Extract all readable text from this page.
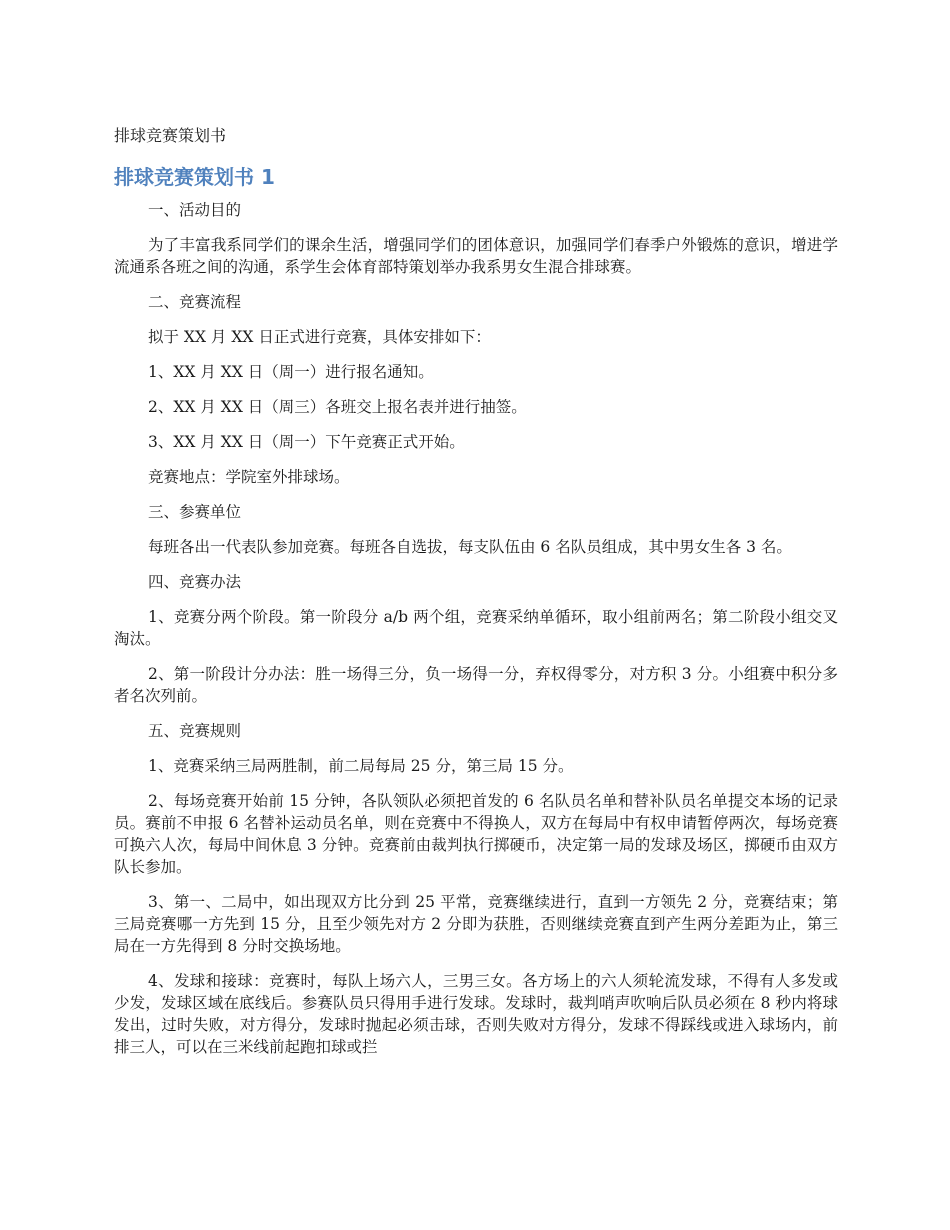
排球竞赛策划书
排球竞赛策划书 1

一、活动目的

为了丰富我系同学们的课余生活，增强同学们的团体意识，加强同学们春季户外锻炼的意识，增进学流通系各班之间的沟通，系学生会体育部特策划举办我系男女生混合排球赛。

二、竞赛流程

拟于 XX 月 XX 日正式进行竞赛，具体安排如下：

1、XX 月 XX 日（周一）进行报名通知。

2、XX 月 XX 日（周三）各班交上报名表并进行抽签。

3、XX 月 XX 日（周一）下午竞赛正式开始。

竞赛地点：学院室外排球场。

三、参赛单位

每班各出一代表队参加竞赛。每班各自选拔，每支队伍由 6 名队员组成，其中男女生各 3 名。

四、竞赛办法

1、竞赛分两个阶段。第一阶段分 a/b 两个组，竞赛采纳单循环，取小组前两名；第二阶段小组交叉淘汰。

2、第一阶段计分办法：胜一场得三分，负一场得一分，弃权得零分，对方积 3 分。小组赛中积分多者名次列前。

五、竞赛规则

1、竞赛采纳三局两胜制，前二局每局 25 分，第三局 15 分。

2、每场竞赛开始前 15 分钟，各队领队必须把首发的 6 名队员名单和替补队员名单提交本场的记录员。赛前不申报 6 名替补运动员名单，则在竞赛中不得换人，双方在每局中有权申请暂停两次，每场竞赛可换六人次，每局中间休息 3 分钟。竞赛前由裁判执行掷硬币，决定第一局的发球及场区，掷硬币由双方队长参加。

3、第一、二局中，如出现双方比分到 25 平常，竞赛继续进行，直到一方领先 2 分，竞赛结束；第三局竞赛哪一方先到 15 分，且至少领先对方 2 分即为获胜，否则继续竞赛直到产生两分差距为止，第三局在一方先得到 8 分时交换场地。

4、发球和接球：竞赛时，每队上场六人，三男三女。各方场上的六人须轮流发球，不得有人多发或少发，发球区域在底线后。参赛队员只得用手进行发球。发球时，裁判哨声吹响后队员必须在 8 秒内将球发出，过时失败，对方得分，发球时抛起必须击球，否则失败对方得分，发球不得踩线或进入球场内，前排三人，可以在三米线前起跑扣球或拦
